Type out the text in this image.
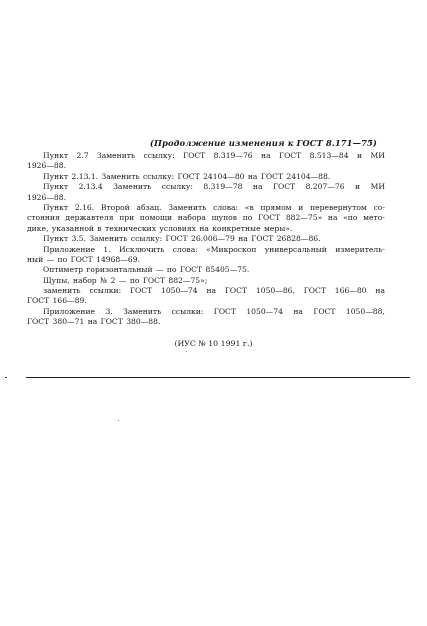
(Продолжение изменения к ГОСТ 8.171—75)
Пункт 2.7 Заменить ссылку: ГОСТ 8.319—76 на ГОСТ 8.513—84 и МИ
1926—88.
Пункт 2.13.1. Заменить ссылку: ГОСТ 24104—80 на ГОСТ 24104—88.
Пункт 2.13.4 Заменить ссылку: 8.319—78 на ГОСТ 8.207—76 и МИ
1926—88.
Пункт 2.16. Второй абзац. Заменить слова: «в прямом и перевернутом со-
стояния державтеля при помощи набора щупов по ГОСТ 882—75» на «по мето-
дике, указанной в технических условиях на конкретные меры».
Пункт 3.5. Заменить ссылку: ГОСТ 26.006—79 на ГОСТ 26828—86.
Приложение 1. Исключить слова: «Микроскоп универсальный измеритель-
ный — по ГОСТ 14968—69.
Оптиметр горизонтальный — по ГОСТ 85405—75.
Щупы, набор № 2 — по ГОСТ 882—75»;
заменить ссылки: ГОСТ 1050—74 на ГОСТ 1050—86, ГОСТ 166—80 на
ГОСТ 166—89.
Приложение 3. Заменить ссылки: ГОСТ 1050—74 на ГОСТ 1050—88,
ГОСТ 380—71 на ГОСТ 380—88.
(ИУС № 10 1991 г.)
